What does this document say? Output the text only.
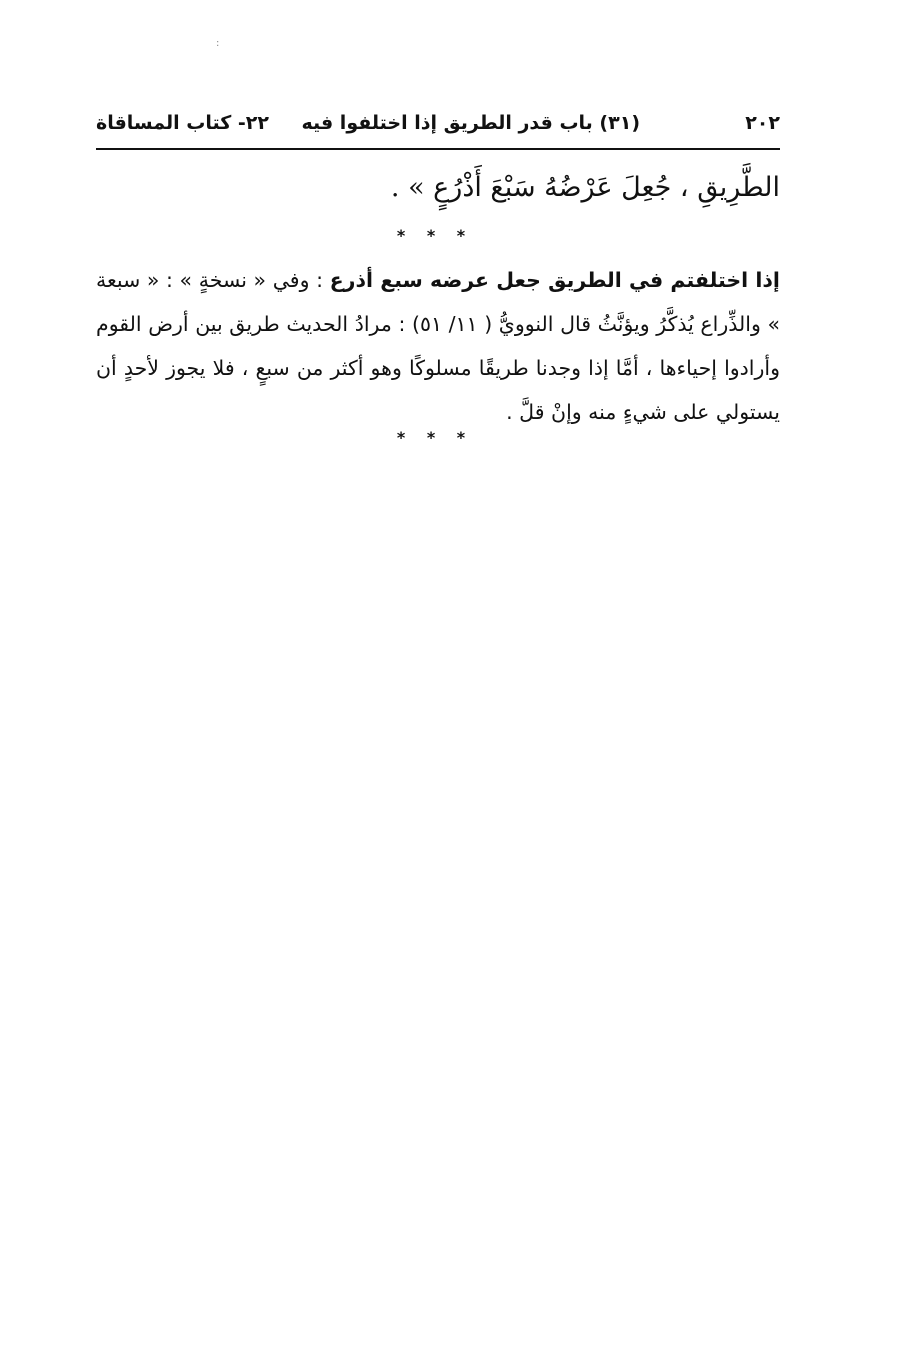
٢٠٢
(٣١) باب قدر الطريق إذا اختلفوا فيه
٢٢- كتاب المساقاة
الطَّرِيقِ ، جُعِلَ عَرْضُهُ سَبْعَ أَذْرُعٍ » .
* * *
إذا اختلفتم في الطريق جعل عرضه سبع أذرع : وفي « نسخةٍ » : « سبعة » والذِّراع يُذكَّرُ ويؤنَّثُ قال النوويُّ ( ١١/ ٥١) : مرادُ الحديث طريق بين أرض القوم وأرادوا إحياءها ، أمَّا إذا وجدنا طريقًا مسلوكًا وهو أكثر من سبعٍ ، فلا يجوز لأحدٍ أن يستولي على شيءٍ منه وإنْ قلَّ .
* * *
:
